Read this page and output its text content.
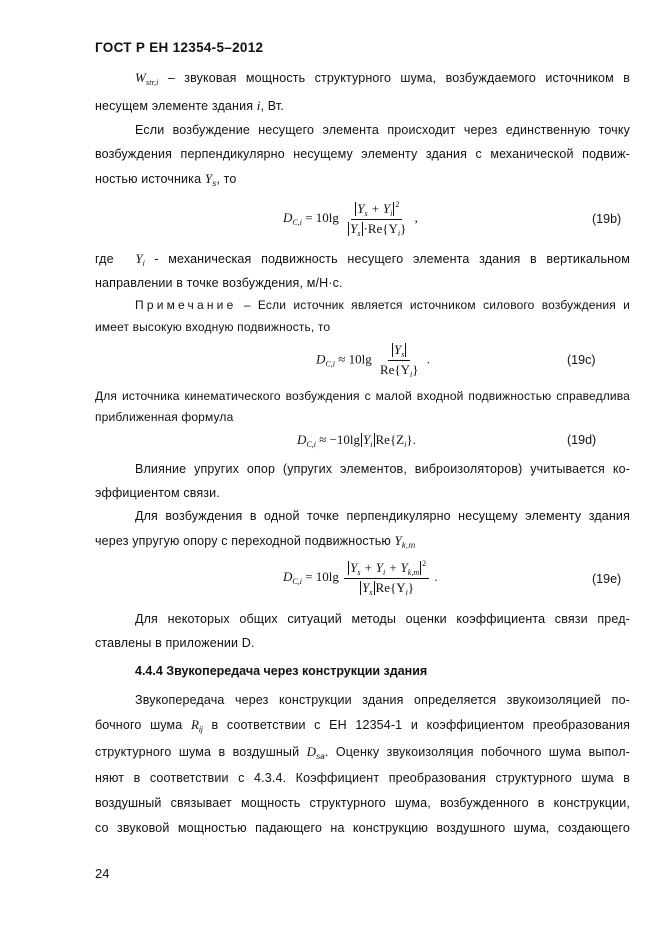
ГОСТ Р ЕН 12354-5–2012
$W_{str,i}$ – звуковая мощность структурного шума, возбуждаемого источником в
несущем элементе здания i, Вт.
Если возбуждение несущего элемента происходит через единственную точку
возбуждения перпендикулярно несущему элементу здания с механической подвиж-
ностью источника $Y_s$, то
$D_{C,i} = 10\lg \frac{Y_s + Y_i^2}{Y_s \cdot Re\{Y_i\}}$ ,	(19b)
где $Y_i$ - механическая подвижность несущего элемента здания в вертикальном
направлении в точке возбуждения, м/Н·с.
Примечание – Если источник является источником силового возбуждения и
имеет высокую входную подвижность, то
$D_{C,i} \approx 10\lg \frac{Y_s}{Re\{Y_i\}}$ .	(19c)
Для источника кинематического возбуждения с малой входной подвижностью справедлива
приближенная формула
$D_{C,i} \approx -10\lg$ $Y_i$ $Re\{Z_i\}$.	(19d)
Влияние упругих опор (упругих элементов, виброизоляторов) учитывается ко-
эффициентом связи.
Для возбуждения в одной точке перпендикулярно несущему элементу здания
через упругую опору с переходной подвижностью $Y_{k,m}$
$D_{C,i} = 10\lg \frac{Y_s + Y_i + Y_{k,m}^2}{Y_s Re\{Y_i\}}$ .	(19e)
Для некоторых общих ситуаций методы оценки коэффициента связи пред-
ставлены в приложении D.
4.4.4 Звукопередача через конструкции здания
Звукопередача через конструкции здания определяется звукоизоляцией по-
бочного шума $R_{ij}$ в соответствии с ЕН 12354-1 и коэффициентом преобразования
структурного шума в воздушный $D_{sa}$. Оценку звукоизоляция побочного шума выпол-
няют в соответствии с 4.3.4. Коэффициент преобразования структурного шума в
воздушный связывает мощность структурного шума, возбужденного в конструкции,
со звуковой мощностью падающего на конструкцию воздушного шума, создающего
24
